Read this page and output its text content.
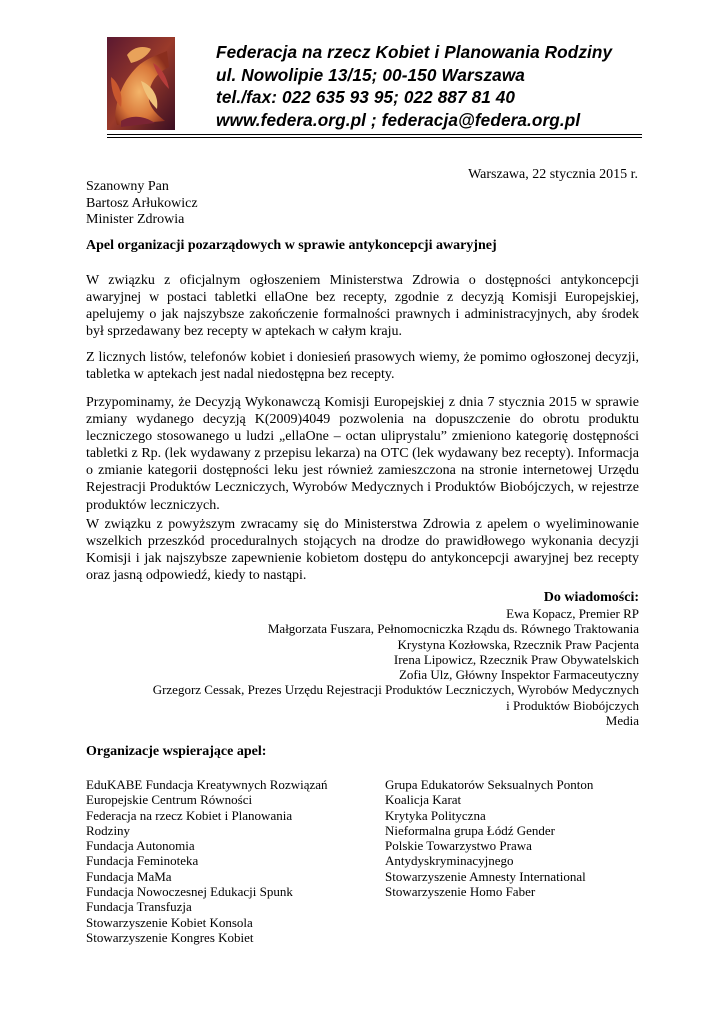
Federacja na rzecz Kobiet i Planowania Rodziny
ul. Nowolipie 13/15; 00-150 Warszawa
tel./fax: 022 635 93 95; 022 887 81 40
www.federa.org.pl ; federacja@federa.org.pl
Warszawa, 22 stycznia 2015 r.
Szanowny Pan
Bartosz Arłukowicz
Minister Zdrowia
Apel organizacji pozarządowych w sprawie antykoncepcji awaryjnej
W związku z oficjalnym ogłoszeniem Ministerstwa Zdrowia o dostępności antykoncepcji awaryjnej w postaci tabletki ellaOne bez recepty, zgodnie z decyzją Komisji Europejskiej, apelujemy o jak najszybsze zakończenie formalności prawnych i administracyjnych, aby środek był sprzedawany bez recepty w aptekach w całym kraju.
Z licznych listów, telefonów kobiet i doniesień prasowych wiemy, że pomimo ogłoszonej decyzji, tabletka w aptekach jest nadal niedostępna bez recepty.
Przypominamy, że Decyzją Wykonawczą Komisji Europejskiej z dnia 7 stycznia 2015 w sprawie zmiany wydanego decyzją K(2009)4049 pozwolenia na dopuszczenie do obrotu produktu leczniczego stosowanego u ludzi „ellaOne – octan uliprystalu” zmieniono kategorię dostępności tabletki z Rp. (lek wydawany z przepisu lekarza) na OTC (lek wydawany bez recepty). Informacja o zmianie kategorii dostępności leku jest również zamieszczona na stronie internetowej Urzędu Rejestracji Produktów Leczniczych, Wyrobów Medycznych i Produktów Biobójczych, w rejestrze produktów leczniczych.
W związku z powyższym zwracamy się do Ministerstwa Zdrowia z apelem o wyeliminowanie wszelkich przeszkód proceduralnych stojących na drodze do prawidłowego wykonania decyzji Komisji i jak najszybsze zapewnienie kobietom dostępu do antykoncepcji awaryjnej bez recepty oraz jasną odpowiedź, kiedy to nastąpi.
Do wiadomości:
Ewa Kopacz, Premier RP
Małgorzata Fuszara, Pełnomocniczka Rządu ds. Równego Traktowania
Krystyna Kozłowska, Rzecznik Praw Pacjenta
Irena Lipowicz, Rzecznik Praw Obywatelskich
Zofia Ulz, Główny Inspektor Farmaceutyczny
Grzegorz Cessak, Prezes Urzędu Rejestracji Produktów Leczniczych, Wyrobów Medycznych
i Produktów Biobójczych
Media
Organizacje wspierające apel:
EduKABE Fundacja Kreatywnych Rozwiązań
Europejskie Centrum Równości
Federacja na rzecz Kobiet i Planowania
Rodziny
Fundacja Autonomia
Fundacja Feminoteka
Fundacja MaMa
Fundacja Nowoczesnej Edukacji Spunk
Fundacja Transfuzja
Stowarzyszenie Kobiet Konsola
Stowarzyszenie Kongres Kobiet
Grupa Edukatorów Seksualnych Ponton
Koalicja Karat
Krytyka Polityczna
Nieformalna grupa Łódź Gender
Polskie Towarzystwo Prawa
Antydyskryminacyjnego
Stowarzyszenie Amnesty International
Stowarzyszenie Homo Faber
